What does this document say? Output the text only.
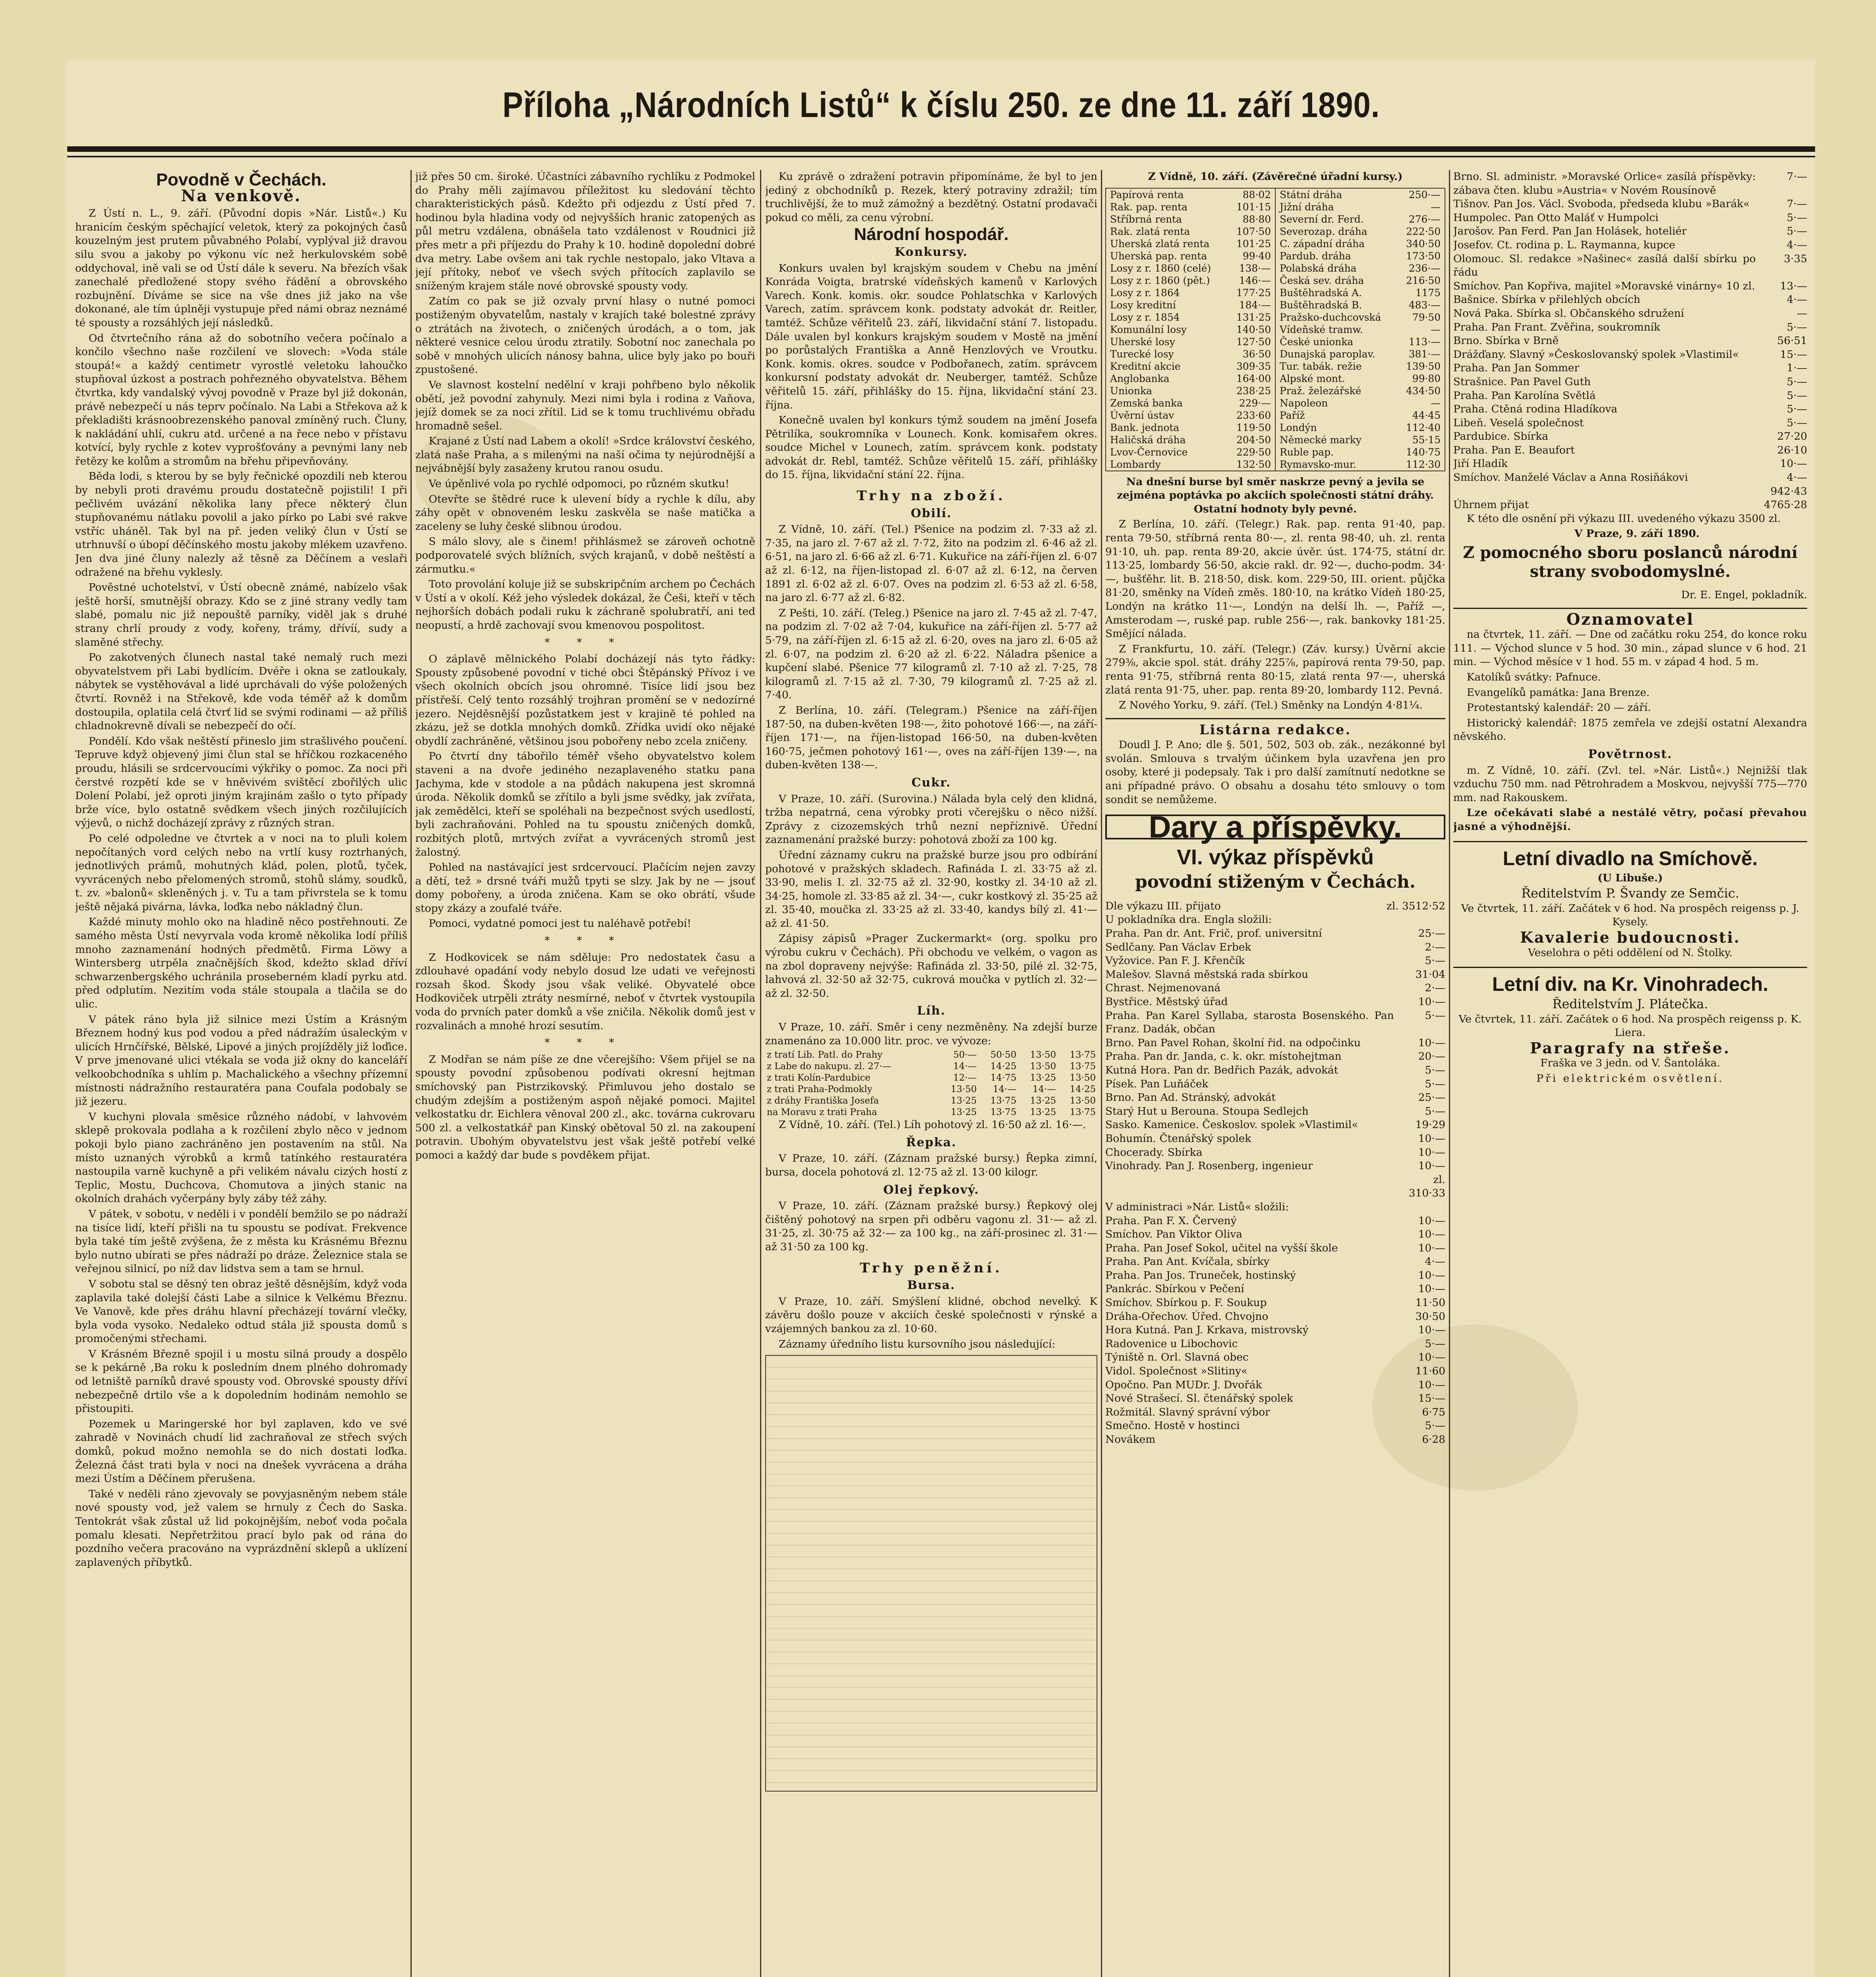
Příloha „Národních Listů“ k číslu 250. ze dne 11. září 1890.
Povodně v Čechách.
Na venkově.

Z Ústí n. L., 9. září. (Původní dopis »Nár. Listů«.) Ku hranicím českým spěchající veletok, který za pokojných časů kouzelným jest prutem půvabného Polabí, vyplýval již dravou silu svou a jakoby po výkonu víc než herkulovském sobě oddychoval, ině vali se od Ústí dále k severu. Na březích však zanechalé předložené stopy svého řádění a obrovského rozbujnění. Díváme se sice na vše dnes již jako na vše dokonané, ale tím úplněji vystupuje před námi obraz neznámé té spousty a rozsáhlých její následků.

Od čtvrtečního rána až do sobotního večera počínalo a končilo všechno naše rozčilení ve slovech: »Voda stále stoupá!« a každý centimetr vyrostlé veletoku lahoučko stupňoval úzkost a postrach pohřezného obyvatelstva. Během čtvrtka, kdy vandalský vývoj povodně v Praze byl již dokonán, právě nebezpečí u nás teprv počínalo. Na Labi a Střekova až k překladišti krásnoobrezenského panoval zmíněný ruch. Čluny, k nakládání uhlí, cukru atd. určené a na řece nebo v přístavu kotvící, byly rychle z kotev vyprošťovány a pevnými lany neb řetězy ke kolům a stromům na břehu připevňovány.

Běda lodi, s kterou by se byly řečnické opozdili neb kterou by nebyli proti dravému proudu dostatečně pojistili! I při pečlivém uvázání několika lany přece některý člun stupňovanému nátlaku povolil a jako pírko po Labi své rakve vstříc uháněl. Tak byl na př. jeden veliký člun v Ústí se utrhnuvší o úbopí děčínského mostu jakoby mlékem uzavřeno. Jen dva jiné čluny nalezly až těsně za Děčínem a veslaři odražené na břehu vyklesly.

Pověstné uchotelství, v Ústí obecně známé, nabízelo však ještě horší, smutnější obrazy. Kdo se z jiné strany vedly tam slabé, pomalu nic již nepouště parníky, viděl jak s druhé strany chrlí proudy z vody, kořeny, trámy, dřívíí, sudy a slaměné střechy.

Po zakotvených člunech nastal také nemalý ruch mezi obyvatelstvem při Labi bydlícím. Dvéře i okna se zatloukaly, nábytek se vystěhovával a lidé uprchávali do výše položených čtvrtí. Rovněž i na Střekově, kde voda téměř až k domům dostoupila, oplatila celá čtvrť lid se svými rodinami — až příliš chladnokrevně dívali se nebezpečí do očí.

Pondělí. Kdo však neštěstí přineslo jim strašlivého poučení. Tepruve když objevený jimi člun stal se hříčkou rozkaceného proudu, hlásili se srdcervoucími výkřiky o pomoc. Za noci při čerstvé rozpětí kde se v hněvivém svištěcí zbořilých ulic Dolení Polabí, jež oproti jiným krajinám zašlo o tyto případy brže více, bylo ostatně svědkem všech jiných rozčilujících výjevů, o nichž docházejí zprávy z různých stran.

Po celé odpoledne ve čtvrtek a v noci na to pluli kolem nepočítaných vord celých nebo na vrtlí kusy roztrhaných, jednotlivých prámů, mohutných klád, polen, plotů, tyček, vyvrácených nebo přelomených stromů, stohů slámy, soudků, t. zv. »balonů« skleněných j. v. Tu a tam přivrstela se k tomu ještě nějaká pivárna, lávka, loďka nebo nákladný člun.

Každé minuty mohlo oko na hladině něco postřehnouti. Ze samého města Ústí nevyrvala voda kromě několika lodí příliš mnoho zaznamenání hodných předmětů. Firma Löwy a Wintersberg utrpěla značnějších škod, kdežto sklad dříví schwarzenbergského uchránila proseberném kladí pyrku atd. před odplutím. Nezitím voda stále stoupala a tlačila se do ulic.

V pátek ráno byla již silnice mezi Ústím a Krásným Březnem hodný kus pod vodou a před nádražím úsaleckým v ulicích Hrnčířské, Bělské, Lipové a jiných projížděly již loďice. V prve jmenované ulici vtékala se voda již okny do kanceláří velkoobchodníka s uhlím p. Machalického a všechny přízemní místnosti nádražního restauratéra pana Coufala podobaly se již jezeru.

V kuchyni plovala směsice různého nádobí, v lahvovém sklepě prokovala podlaha a k rozčilení zbylo něco v jednom pokoji bylo piano zachráněno jen postavením na stůl. Na místo uznaných výrobků a krmů tatínkého restauratéra nastoupila varně kuchyně a při velikém návalu cizých hostí z Teplic, Mostu, Duchcova, Chomutova a jiných stanic na okolních drahách vyčerpány byly záby též záhy.

V pátek, v sobotu, v neděli i v pondělí bemžilo se po nádraží na tisíce lidí, kteří přišli na tu spoustu se podívat. Frekvence byla také tím ještě zvýšena, že z města ku Krásnému Březnu bylo nutno ubírati se přes nádraží po dráze. Železnice stala se veřejnou silnicí, po níž dav lidstva sem a tam se hrnul.

V sobotu stal se děsný ten obraz ještě děsnějším, když voda zaplavila také dolejší části Labe a silnice k Velkému Březnu. Ve Vanově, kde přes dráhu hlavní přecházejí tovární vlečky, byla voda vysoko. Nedaleko odtud stála již spousta domů s promočenými střechami.

V Krásném Březně spojil i u mostu silná proudy a dospělo se k pekárně ,Ba roku k posledním dnem plného dohromady od letniště parníků dravé spousty vod. Obrovské spousty dříví nebezpečně drtilo vše a k dopoledním hodinám nemohlo se přistoupiti.

Pozemek u Maringerské hor byl zaplaven, kdo ve své zahradě v Novinách chudí lid zachraňoval ze střech svých domků, pokud možno nemohla se do nich dostati loďka. Železná část trati byla v noci na dnešek vyvrácena a dráha mezi Ústím a Děčínem přerušena.

Také v neděli ráno zjevovaly se povyjasněným nebem stále nové spousty vod, jež valem se hrnuly z Čech do Saska. Tentokrát však zůstal už lid pokojnějším, neboť voda počala pomalu klesati. Nepřetržitou prací bylo pak od rána do pozdního večera pracováno na vyprázdnění sklepů a uklízení zaplavených příbytků.

již přes 50 cm. široké. Účastníci zábavního rychlíku z Podmokel do Prahy měli zajímavou příležitost ku sledování těchto charakteristických pásů. Kdežto při odjezdu z Ústí před 7. hodinou byla hladina vody od nejvyšších hranic zatopených as půl metru vzdálena, obnášela tato vzdálenost v Roudnici již přes metr a při příjezdu do Prahy k 10. hodině dopolední dobré dva metry. Labe ovšem ani tak rychle nestopalo, jako Vltava a její přítoky, neboť ve všech svých přítocích zaplavilo se sníženým krajem stále nové obrovské spousty vody.

Zatím co pak se již ozvaly první hlasy o nutné pomoci postiženým obyvatelům, nastaly v krajích také bolestné zprávy o ztrátách na životech, o zničených úrodách, a o tom, jak některé vesnice celou úrodu ztratily. Sobotní noc zanechala po sobě v mnohých ulicích nánosy bahna, ulice byly jako po bouři zpustošené.

Ve slavnost kostelní nedělní v kraji pohřbeno bylo několik obětí, jež povodní zahynuly. Mezi nimi byla i rodina z Vaňova, jejíž domek se za noci zřítil. Lid se k tomu truchlivému obřadu hromadně sešel.

Krajané z Ústí nad Labem a okolí! »Srdce království českého, zlatá naše Praha, a s milenými na naší očima ty nejúrodnější a nejvábnější byly zasaženy krutou ranou osudu.

Ve úpěnlivé vola po rychlé odpomoci, po různém skutku!

Otevřte se štědré ruce k ulevení bídy a rychle k dílu, aby záhy opět v obnoveném lesku zaskvěla se naše matička a zaceleny se luhy české slibnou úrodou.

S málo slovy, ale s činem! přihlásmež se zároveň ochotně podporovatelé svých blížních, svých krajanů, v době neštěstí a zármutku.«

Toto provolání koluje již se subskripčním archem po Čechách v Ústí a v okolí. Kéž jeho výsledek dokázal, že Češi, kteří v těch nejhorších dobách podali ruku k záchraně spolubratří, ani teď neopustí, a hrdě zachovají svou kmenovou pospolitost.

* * *

O záplavě mělnického Polabí docházejí nás tyto řádky: Spousty způsobené povodní v tiché obci Štěpánský Přívoz i ve všech okolních obcích jsou ohromné. Tisíce lidí jsou bez přístřeší. Celý tento rozsáhlý trojhran promění se v nedozírné jezero. Nejděsnější pozůstatkem jest v krajině té pohled na zkázu, jež se dotkla mnohých domků. Zřídka uvidí oko nějaké obydlí zachráněné, většinou jsou pobořeny nebo zcela zničeny.

Po čtvrtí dny tábořilo téměř všeho obyvatelstvo kolem staveni a na dvoře jediného nezaplaveného statku pana Jachyma, kde v stodole a na půdách nakupena jest skromná úroda. Několik domků se zřítilo a byli jsme svědky, jak zvířata, jak zemědělci, kteří se spoléhali na bezpečnost svých usedlostí, byli zachraňováni. Pohled na tu spoustu zničených domků, rozbitých plotů, mrtvých zvířat a vyvrácených stromů jest žalostný.

Pohled na nastávající jest srdcervoucí. Plačícím nejen zavzy a dětí, tež » drsné tváři mužů tpyti se slzy. Jak by ne — jsouť domy pobořeny, a úroda zničena. Kam se oko obrátí, všude stopy zkázy a zoufalé tváře.

Pomoci, vydatné pomoci jest tu naléhavě potřebí!

* * *

Z Hodkovicek se nám sděluje: Pro nedostatek času a zdlouhavé opadání vody nebylo dosud lze udati ve veřejnosti rozsah škod. Škody jsou však veliké. Obyvatelé obce Hodkoviček utrpěli ztráty nesmírné, neboť v čtvrtek vystoupila voda do prvních pater domků a vše zničila. Několik domů jest v rozvalinách a mnohé hrozí sesutím.

* * *

Z Modřan se nám píše ze dne včerejšího: Všem přijel se na spousty povodní způsobenou podívati okresní hejtman smíchovský pan Pistrzikovský. Přimluvou jeho dostalo se chudým zdejším a postiženým aspoň nějaké pomoci. Majitel velkostatku dr. Eichlera věnoval 200 zl., akc. továrna cukrovaru 500 zl. a velkostatkář pan Kinský obětoval 50 zl. na zakoupení potravin. Ubohým obyvatelstvu jest však ještě potřebí velké pomoci a každý dar bude s povděkem přijat.

Ku zprávě o zdražení potravin připomínáme, že byl to jen jediný z obchodníků p. Rezek, který potraviny zdražil; tím truchlivější, že to muž zámožný a bezdětný. Ostatní prodavači pokud co měli, za cenu výrobní.

Národní hospodář.
Konkursy.

Konkurs uvalen byl krajským soudem v Chebu na jmění Konráda Voigta, bratrské vídeňských kamenů v Karlových Varech. Konk. komis. okr. soudce Pohlatschka v Karlových Varech, zatím. správcem konk. podstaty advokát dr. Reitler, tamtéž. Schůze věřitelů 23. září, likvidační stání 7. listopadu. Dále uvalen byl konkurs krajským soudem v Mostě na jmění po porůstalých Františka a Anně Henzlových ve Vroutku. Konk. komis. okres. soudce v Podbořanech, zatím. správcem konkursní podstaty advokát dr. Neuberger, tamtéž. Schůze věřitelů 15. září, přihlášky do 15. října, likvidační stání 23. října.

Konečně uvalen byl konkurs týmž soudem na jmění Josefa Pětrilíka, soukromníka v Lounech. Konk. komisařem okres. soudce Michel v Lounech, zatím. správcem konk. podstaty advokát dr. Rebl, tamtéž. Schůze věřitelů 15. září, přihlášky do 15. října, likvidační stání 22. října.

Trhy na zboží.
Obilí.

Z Vídně, 10. září. (Tel.) Pšenice na podzim zl. 7·33 až zl. 7·35, na jaro zl. 7·67 až zl. 7·72, žito na podzim zl. 6·46 až zl. 6·51, na jaro zl. 6·66 až zl. 6·71. Kukuřice na září-říjen zl. 6·07 až zl. 6·12, na říjen-listopad zl. 6·07 až zl. 6·12, na červen 1891 zl. 6·02 až zl. 6·07. Oves na podzim zl. 6·53 až zl. 6·58, na jaro zl. 6·77 až zl. 6·82.

Z Pešti, 10. září. (Teleg.) Pšenice na jaro zl. 7·45 až zl. 7·47, na podzim zl. 7·02 až 7·04, kukuřice na září-říjen zl. 5·77 až 5·79, na září-říjen zl. 6·15 až zl. 6·20, oves na jaro zl. 6·05 až zl. 6·07, na podzim zl. 6·20 až zl. 6·22. Náladra pšenice a kupčení slabé. Pšenice 77 kilogramů zl. 7·10 až zl. 7·25, 78 kilogramů zl. 7·15 až zl. 7·30, 79 kilogramů zl. 7·25 až zl. 7·40.

Z Berlína, 10. září. (Telegram.) Pšenice na září-říjen 187·50, na duben-květen 198·—, žito pohotové 166·—, na září-říjen 171·—, na říjen-listopad 166·50, na duben-květen 160·75, ječmen pohotový 161·—, oves na září-říjen 139·—, na duben-květen 138·—.

Cukr.

V Praze, 10. září. (Surovina.) Nálada byla celý den klidná, tržba nepatrná, cena výrobky proti včerejšku o něco nižší. Zprávy z cizozemských trhů nezní nepříznivě. Úřední zaznamenání pražské burzy: pohotová zboží za 100 kg.

Úřední záznamy cukru na pražské burze jsou pro odbírání pohotové v pražských skladech. Rafináda I. zl. 33·75 až zl. 33·90, melis I. zl. 32·75 až zl. 32·90, kostky zl. 34·10 až zl. 34·25, homole zl. 33·85 až zl. 34·—, cukr kostkový zl. 35·25 až zl. 35·40, moučka zl. 33·25 až zl. 33·40, kandys bílý zl. 41·— až zl. 41·50.

Zápisy zápisů »Prager Zuckermarkt« (org. spolku pro výrobu cukru v Čechách). Při obchodu ve velkém, o vagon as na zbol dopraveny nejvýše: Rafináda zl. 33·50, pilé zl. 32·75, lahvová zl. 32·50 až 32·75, cukrová moučka v pytlích zl. 32·— až zl. 32·50.

Líh.

V Praze, 10. září. Směr i ceny nezměněny. Na zdejší burze znamenáno za 10.000 litr. proc. ve vývoze:

z tratí Lib. Patl. do Prahy	50·—	50·50	13·50	13·75
z Labe do nakupu. zl. 27·—	14·—	14·25	13·50	13·75
z trati Kolín-Pardubice	12·—	14·75	13·25	13·50
z trati Praha-Podmokly	13·50	14·—	14·—	14·25
z dráhy Františka Josefa	13·25	13·75	13·25	13·50
na Moravu z trati Praha	13·25	13·75	13·25	13·75

Z Vídně, 10. září. (Tel.) Líh pohotový zl. 16·50 až zl. 16·—.

Řepka.

V Praze, 10. září. (Záznam pražské bursy.) Řepka zimní, bursa, docela pohotová zl. 12·75 až zl. 13·00 kilogr.

Olej řepkový.

V Praze, 10. září. (Záznam pražské bursy.) Řepkový olej čištěný pohotový na srpen při odběru vagonu zl. 31·— až zl. 31·25, zl. 30·75 až 32·— za 100 kg., na září-prosinec zl. 31·— až 31·50 za 100 kg.

Trhy peněžní.
Bursa.

V Praze, 10. září. Smýšlení klidné, obchod nevelký. K závěru došlo pouze v akciích české společnosti v rýnské a vzájemných bankou za zl. 10·60.

Záznamy úředního listu kursovního jsou následující:

Z Vídně, 10. září. (Závěrečné úřadní kursy.)

Papírová renta	88·02
Rak. pap. renta	101·15
Stříbrná renta	88·80
Rak. zlatá renta	107·50
Uherská zlatá renta	101·25
Uherská pap. renta	99·40
Losy z r. 1860 (celé)	138·—
Losy z r. 1860 (pět.)	146·—
Losy z r. 1864	177·25
Losy kreditní	184·—
Losy z r. 1854	131·25
Komunální losy	140·50
Uherské losy	127·50
Turecké losy	36·50
Kreditní akcie	309·35
Anglobanka	164·00
Unionka	238·25
Zemská banka	229·—
Úvěrní ústav	233·60
Bank. jednota	119·50
Haličská dráha	204·50
Lvov-Černovice	229·50
Lombardy	132·50
Státní dráha	250·—
Jižní dráha	—
Severní dr. Ferd.	276·—
Severozap. dráha	222·50
C. západní dráha	340·50
Pardub. dráha	173·50
Polabská dráha	236·—
Česká sev. dráha	216·50
Buštěhradská A.	1175
Buštěhradská B.	483·—
Pražsko-duchcovská	79·50
Vídeňské tramw.	—
České unionka	113·—
Dunajská paroplav.	381·—
Tur. tabák. režie	139·50
Alpské mont.	99·80
Praž. železářské	434·50
Napoleon	—
Paříž	44·45
Londýn	112·40
Německé marky	55·15
Ruble pap.	140·75
Rymavsko-mur.	112·30

Na dnešní burse byl směr naskrze pevný a jevila se zejména poptávka po akciích společnosti státní dráhy. Ostatní hodnoty byly pevné.

Z Berlína, 10. září. (Telegr.) Rak. pap. renta 91·40, pap. renta 79·50, stříbrná renta 80·—, zl. renta 98·40, uh. zl. renta 91·10, uh. pap. renta 89·20, akcie úvěr. úst. 174·75, státní dr. 113·25, lombardy 56·50, akcie rakl. dr. 92·—, ducho-podm. 34·—, bušťěhr. lit. B. 218·50, disk. kom. 229·50, III. orient. půjčka 81·20, směnky na Vídeň změs. 180·10, na krátko Vídeň 180·25, Londýn na krátko 11·—, Londýn na delší lh. —, Paříž —, Amsterodam —, ruské pap. ruble 256·—, rak. bankovky 181·25. Smějící nálada.

Z Frankfurtu, 10. září. (Telegr.) (Záv. kursy.) Úvěrní akcie 279⅜, akcie spol. stát. dráhy 225⅞, papírová renta 79·50, pap. renta 91·75, stříbrná renta 80·15, zlatá renta 97·—, uherská zlatá renta 91·75, uher. pap. renta 89·20, lombardy 112. Pevná.

Z Nového Yorku, 9. září. (Tel.) Směnky na Londýn 4·81¼.

Listárna redakce.

Doudl J. P. Ano; dle §. 501, 502, 503 ob. zák., nezákonné byl svolán. Smlouva s trvalým účinkem byla uzavřena jen pro osoby, které ji podepsaly. Tak i pro další zamítnutí nedotkne se ani případné právo. O obsahu a dosahu této smlouvy o tom sondit se nemůžeme.

Dary a příspěvky.
VI. výkaz příspěvků
povodní stiženým v Čechách.
Dle výkazu III. přijato	zl. 3512·52
U pokladníka dra. Engla složili:
Praha. Pan dr. Ant. Frič, prof. universitní	25·—
Sedlčany. Pan Václav Erbek	2·—
Vyžovice. Pan F. J. Křenčík	5·—
Malešov. Slavná městská rada sbírkou	31·04
Chrast. Nejmenovaná	2·—
Bystřice. Městský úřad	10·—
Praha. Pan Karel Syllaba, starosta Bosenského. Pan Franz. Dadák, občan
5·—
Brno. Pan Pavel Rohan, školní řid. na odpočinku	10·—
Praha. Pan dr. Janda, c. k. okr. místohejtman	20·—
Kutná Hora. Pan dr. Bedřich Pazák, advokát	5·—
Písek. Pan Luňáček	5·—
Brno. Pan Ad. Stránský, advokát	25·—
Starý Hut u Berouna. Stoupa Sedlejch	5·—
Sasko. Kamenice. Českoslov. spolek »Vlastimil«	19·29
Bohumín. Čtenářský spolek	10·—
Chocerady. Sbírka	10·—
Vinohrady. Pan J. Rosenberg, ingenieur	10·—
zl. 310·33
V administraci »Nár. Listů« složili:
Praha. Pan F. X. Červený	10·—
Smíchov. Pan Viktor Oliva	10·—
Praha. Pan Josef Sokol, učitel na vyšší škole	10·—
Praha. Pan Ant. Kvíčala, sbírky	4·—
Praha. Pan Jos. Truneček, hostinský	10·—
Pankrác. Sbírkou v Pečení	10·—
Smíchov. Sbírkou p. F. Soukup	11·50
Dráha-Ořechov. Úřed. Chvojno	30·50
Hora Kutná. Pan J. Krkava, mistrovský	10·—
Radovenice u Libochovic	5·—
Týniště n. Orl. Slavná obec	10·—
Vidol. Společnost »Slitiny«	11·60
Opočno. Pan MUDr. J. Dvořák	10·—
Nové Strašecí. Sl. čtenářský spolek	15·—
Rožmitál. Slavný správní výbor	6·75
Smečno. Hostě v hostinci	5·—
Novákem	6·28
Brno. Sl. administr. »Moravské Orlice« zasílá příspěvky: zábava čten. klubu »Austria« v Novém Rousínově
7·—
Tišnov. Pan Jos. Václ. Svoboda, předseda klubu »Barák«	7·—
Humpolec. Pan Otto Maláť v Humpolci	5·—
Jarošov. Pan Ferd. Pan Jan Holásek, hoteliér	5·—
Josefov. Ct. rodina p. L. Raymanna, kupce	4·—
Olomouc. Sl. redakce »Našinec« zasílá další sbírku po řádu
3·35
Smíchov. Pan Kopřiva, majitel »Moravské vinárny« 10 zl.	13·—
Bašnice. Sbírka v přilehlých obcích	4·—
Nová Paka. Sbírka sl. Občanského sdružení	—
Praha. Pan Frant. Zvěřina, soukromník	5·—
Brno. Sbírka v Brně	56·51
Drážďany. Slavný »Českoslovanský spolek »Vlastimil«	15·—
Praha. Pan Jan Sommer	1·—
Strašnice. Pan Pavel Guth	5·—
Praha. Pan Karolína Světlá	5·—
Praha. Ctěná rodina Hladíkova	5·—
Libeň. Veselá společnost	5·—
Pardubice. Sbírka	27·20
Praha. Pan E. Beaufort	26·10
Jiří Hladík	10·—
Smíchov. Manželé Václav a Anna Rosiňákovi	4·—
942·43
Úhrnem přijat	4765·28

K této dle osnění při výkazu III. uvedeného výkazu 3500 zl.

V Praze, 9. září 1890.

Z pomocného sboru poslanců národní strany svobodomyslné.

Dr. E. Engel, pokladník.

Oznamovatel

na čtvrtek, 11. září. — Dne od začátku roku 254, do konce roku 111. — Východ slunce v 5 hod. 30 min., západ slunce v 6 hod. 21 min. — Východ měsíce v 1 hod. 55 m. v západ 4 hod. 5 m.

Katolíků svátky: Pafnuce.

Evangelíků památka: Jana Brenze.

Protestantský kalendář: 20 — září.

Historický kalendář: 1875 zemřela ve zdejší ostatní Alexandra něvského.

Povětrnost.

m. Z Vídně, 10. září. (Zvl. tel. »Nár. Listů«.) Nejnižší tlak vzduchu 750 mm. nad Pětrohradem a Moskvou, nejvyšší 775—770 mm. nad Rakouskem.

Lze očekávati slabé a nestálé větry, počasí převahou jasné a výhodnější.

Letní divadlo na Smíchově.

(U Libuše.)

Ředitelstvím P. Švandy ze Semčic.

Ve čtvrtek, 11. září. Začátek v 6 hod. Na prospěch reigenss p. J. Kysely.

Kavalerie budoucnosti.

Veselohra o pěti oddělení od N. Štolky.

Letní div. na Kr. Vinohradech.

Ředitelstvím J. Plátečka.

Ve čtvrtek, 11. září. Začátek o 6 hod. Na prospěch reigenss p. K. Liera.

Paragrafy na střeše.

Fraška ve 3 jedn. od V. Šantoláka.

Při elektrickém osvětlení.
